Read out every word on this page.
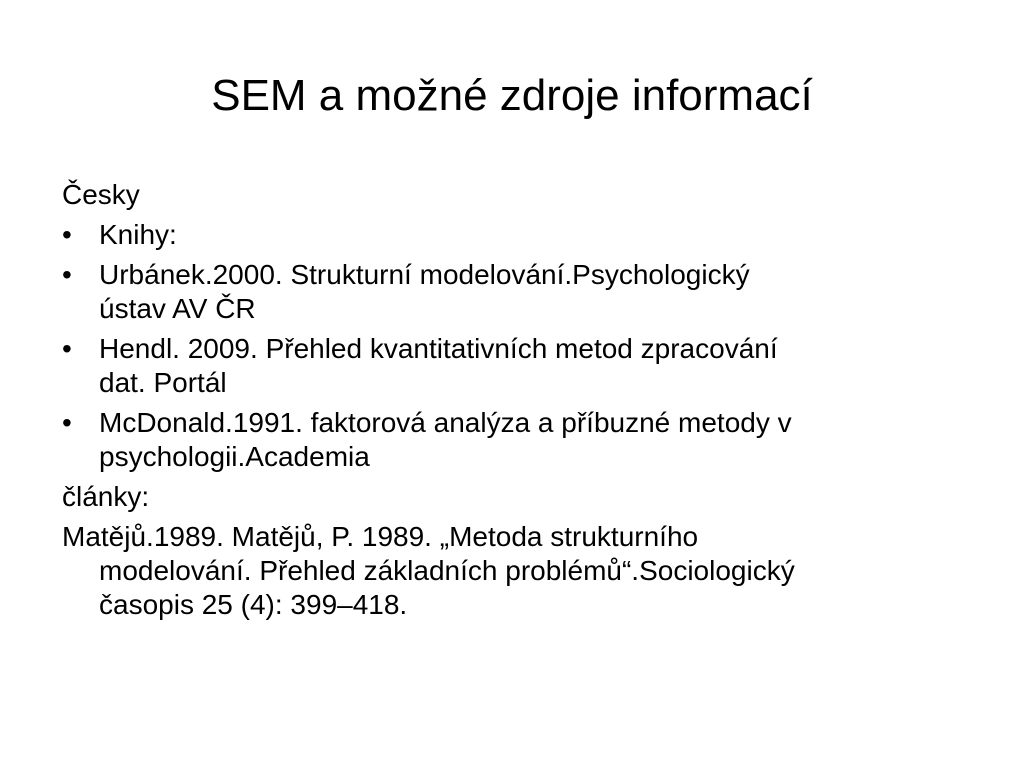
SEM a možné zdroje informací

Česky

• Knihy:
• Urbánek.2000. Strukturní modelování.Psychologický
ústav AV ČR
• Hendl. 2009. Přehled kvantitativních metod zpracování
dat. Portál
• McDonald.1991. faktorová analýza a příbuzné metody v
psychologii.Academia

články:

Matějů.1989. Matějů, P. 1989. „Metoda strukturního
modelování. Přehled základních problémů“.Sociologický
časopis 25 (4): 399–418.
